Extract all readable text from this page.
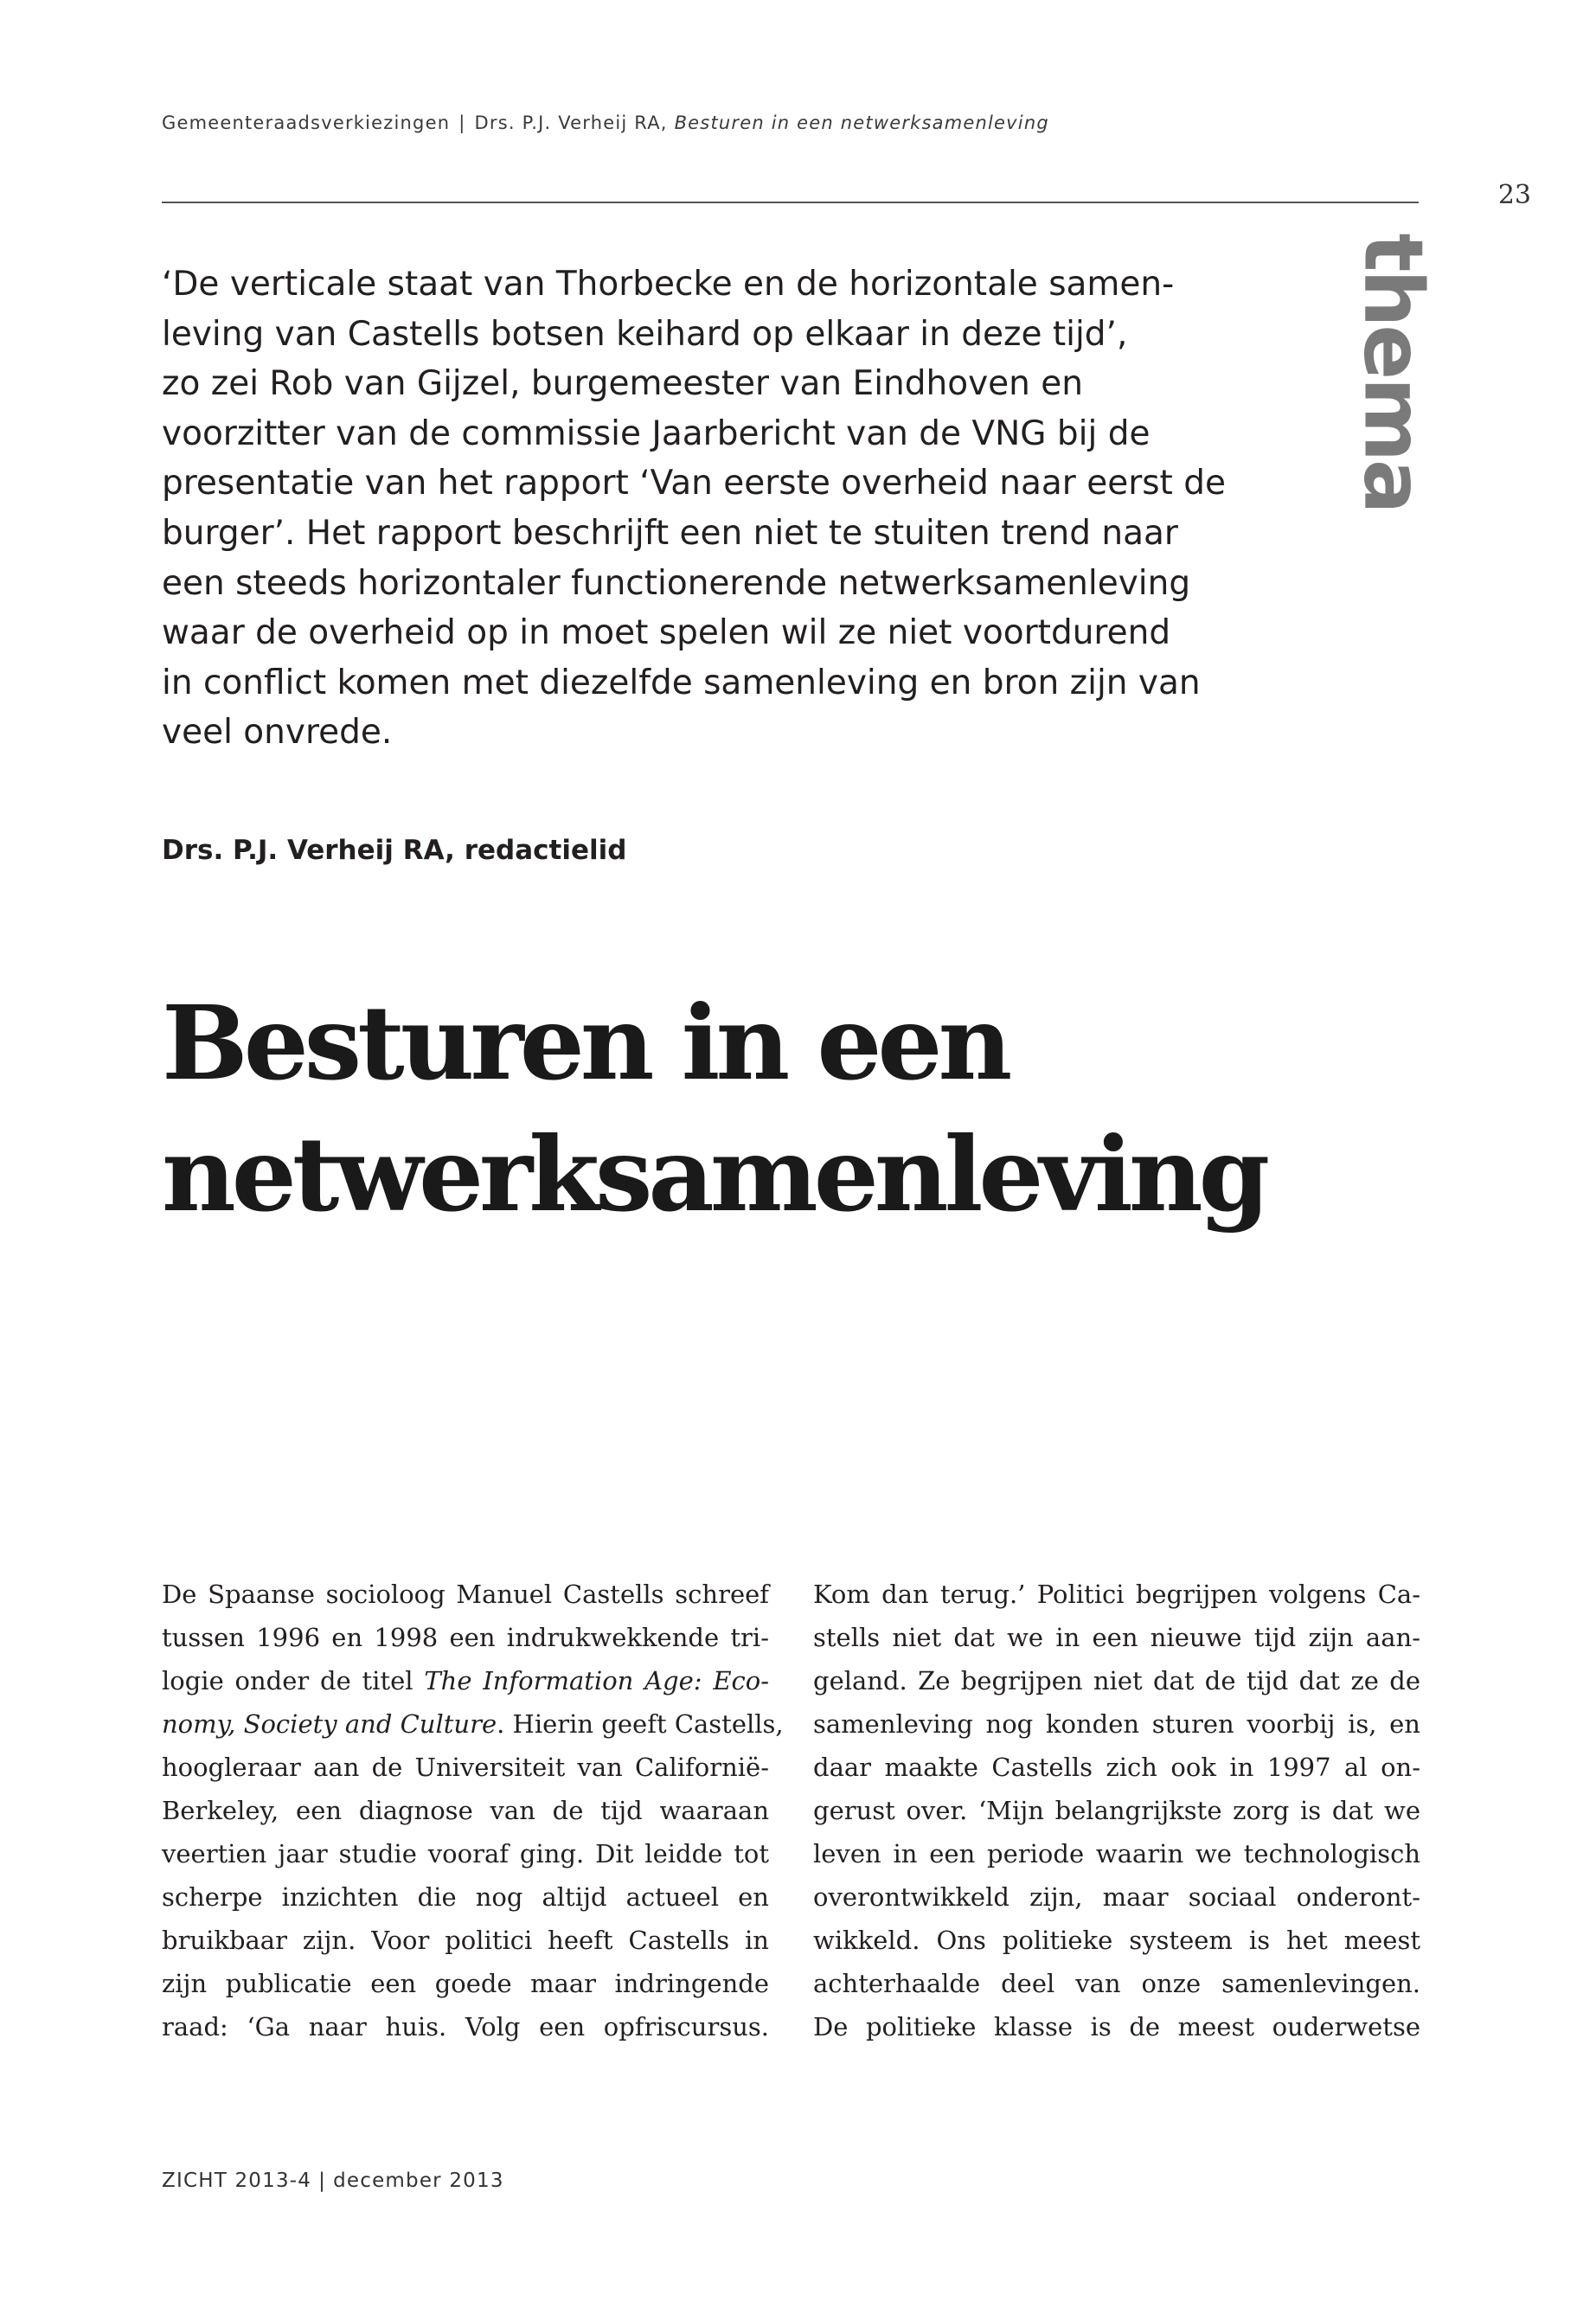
Gemeenteraadsverkiezingen | Drs. P.J. Verheij RA, Besturen in een netwerksamenleving
23
thema
‘De verticale staat van Thorbecke en de horizontale samen-
leving van Castells botsen keihard op elkaar in deze tijd’,
zo zei Rob van Gijzel, burgemeester van Eindhoven en
voorzitter van de commissie Jaarbericht van de VNG bij de
presentatie van het rapport ‘Van eerste overheid naar eerst de
burger’. Het rapport beschrijft een niet te stuiten trend naar
een steeds horizontaler functionerende netwerksamenleving
waar de overheid op in moet spelen wil ze niet voortdurend
in conflict komen met diezelfde samenleving en bron zijn van
veel onvrede.
Drs. P.J. Verheij RA, redactielid
Besturen in een
netwerksamenleving
De Spaanse socioloog Manuel Castells schreef
tussen 1996 en 1998 een indrukwekkende tri-
logie onder de titel The Information Age: Eco-
nomy, Society and Culture. Hierin geeft Castells,
hoogleraar aan de Universiteit van Californië-
Berkeley, een diagnose van de tijd waaraan
veertien jaar studie vooraf ging. Dit leidde tot
scherpe inzichten die nog altijd actueel en
bruikbaar zijn. Voor politici heeft Castells in
zijn publicatie een goede maar indringende
raad: ‘Ga naar huis. Volg een opfriscursus.
Kom dan terug.’ Politici begrijpen volgens Ca-
stells niet dat we in een nieuwe tijd zijn aan-
geland. Ze begrijpen niet dat de tijd dat ze de
samenleving nog konden sturen voorbij is, en
daar maakte Castells zich ook in 1997 al on-
gerust over. ‘Mijn belangrijkste zorg is dat we
leven in een periode waarin we technologisch
overontwikkeld zijn, maar sociaal onderont-
wikkeld. Ons politieke systeem is het meest
achterhaalde deel van onze samenlevingen.
De politieke klasse is de meest ouderwetse
ZICHT 2013-4 | december 2013
